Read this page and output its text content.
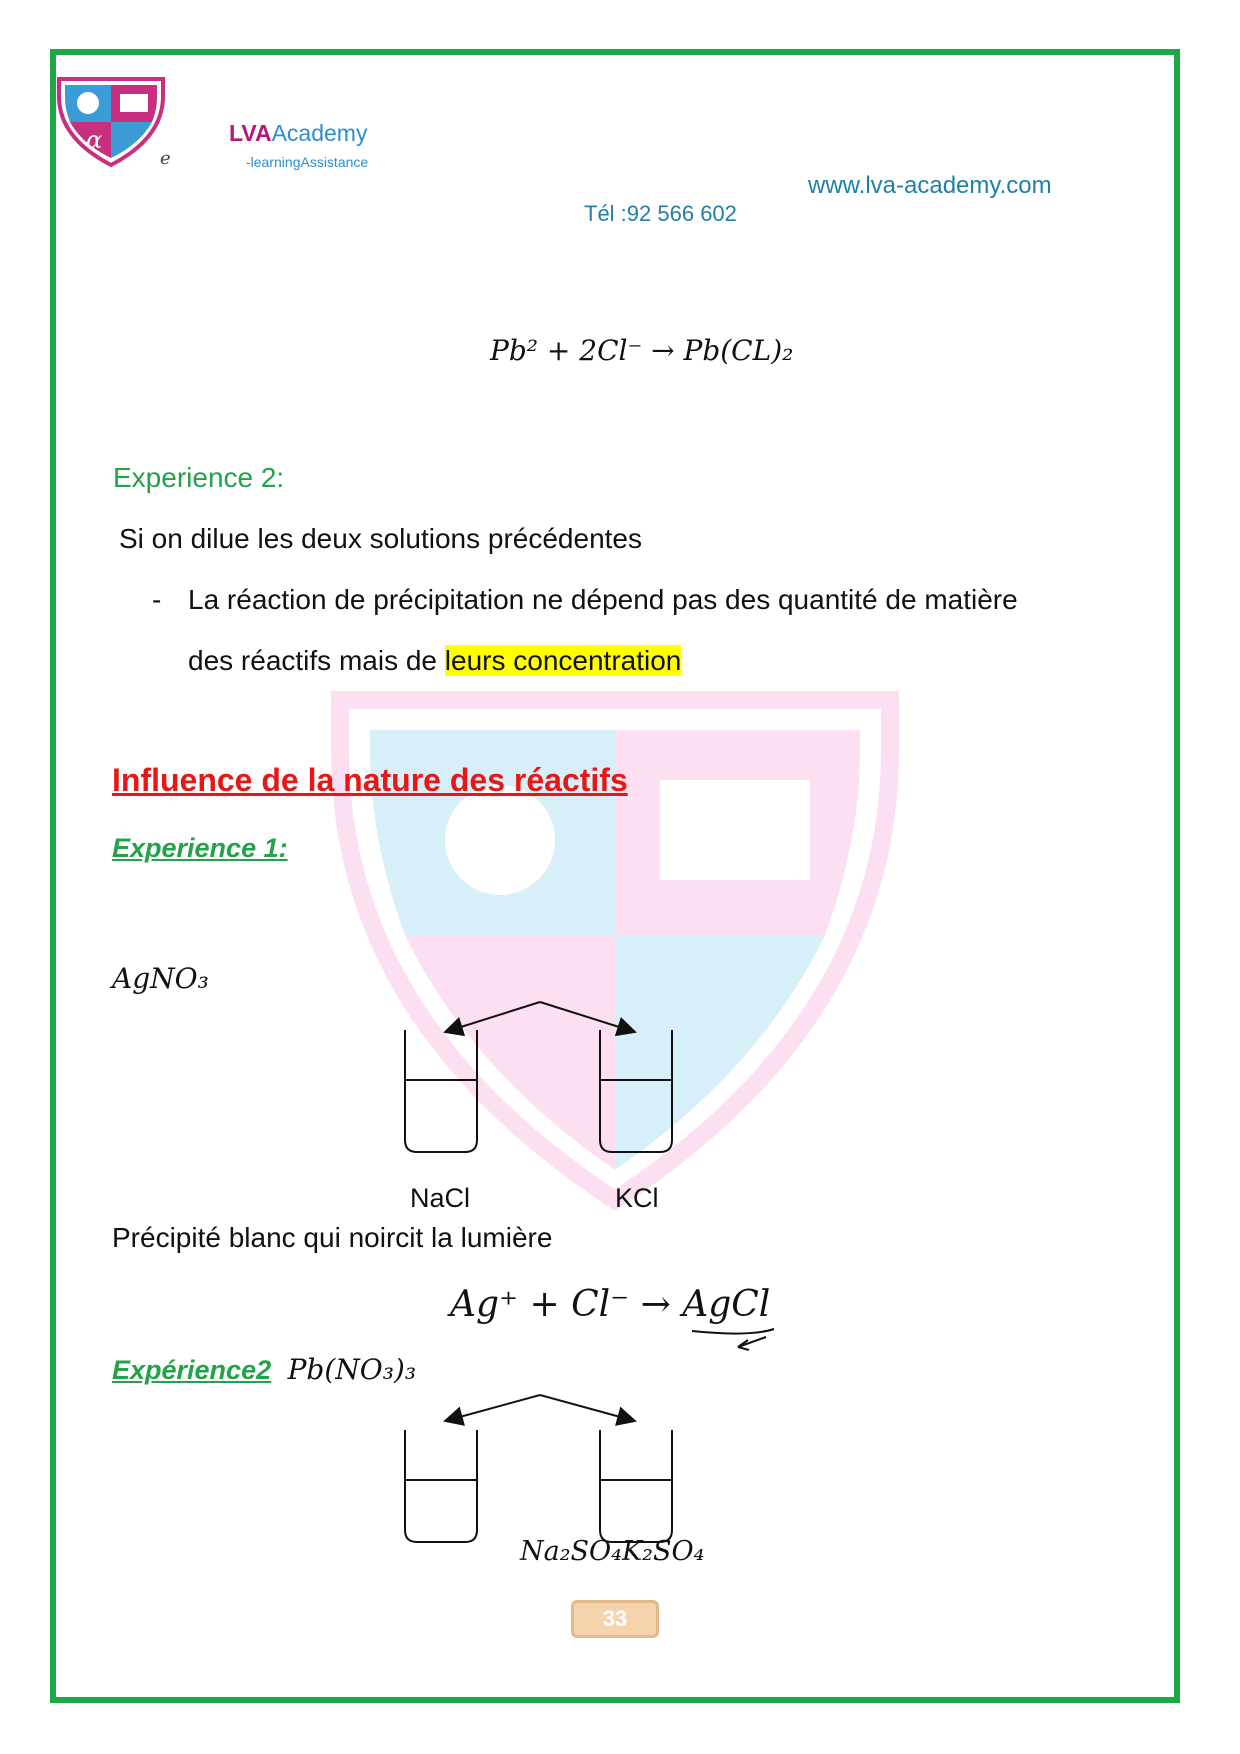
α
e
LVAAcademy
-learningAssistance
www.lva-academy.com
Tél :92 566 602
Pb² + 2Cl⁻ → Pb(CL)₂
Experience 2:
Si on dilue les deux solutions précédentes
- La réaction de précipitation ne dépend pas des quantité de matière
des réactifs mais de leurs concentration
Influence de la nature des réactifs
Experience 1:
AgNO₃
NaCl	KCl
Précipité blanc qui noircit la lumière
Ag⁺ + Cl⁻ → AgCl
Expérience2 Pb(NO₃)₃
Na₂SO₄K₂SO₄
33
